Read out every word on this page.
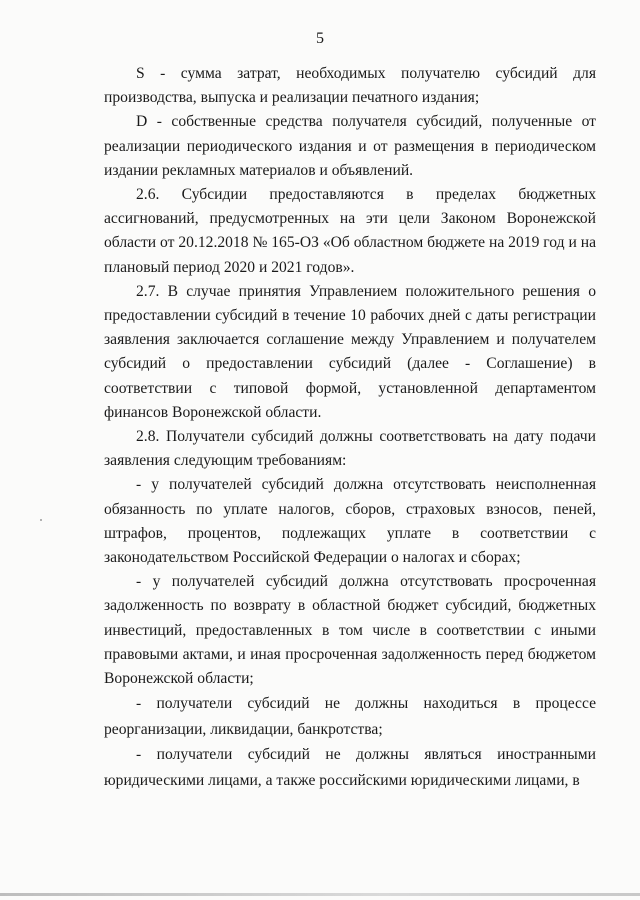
5

S - сумма затрат, необходимых получателю субсидий для производства, выпуска и реализации печатного издания;

D - собственные средства получателя субсидий, полученные от реализации периодического издания и от размещения в периодическом издании рекламных материалов и объявлений.

2.6. Субсидии предоставляются в пределах бюджетных ассигнований, предусмотренных на эти цели Законом Воронежской области от 20.12.2018 № 165-ОЗ «Об областном бюджете на 2019 год и на плановый период 2020 и 2021 годов».

2.7. В случае принятия Управлением положительного решения о предоставлении субсидий в течение 10 рабочих дней с даты регистрации заявления заключается соглашение между Управлением и получателем субсидий о предоставлении субсидий (далее - Соглашение) в соответствии с типовой формой, установленной департаментом финансов Воронежской области.

2.8. Получатели субсидий должны соответствовать на дату подачи заявления следующим требованиям:

- у получателей субсидий должна отсутствовать неисполненная обязанность по уплате налогов, сборов, страховых взносов, пеней, штрафов, процентов, подлежащих уплате в соответствии с законодательством Российской Федерации о налогах и сборах;

- у получателей субсидий должна отсутствовать просроченная задолженность по возврату в областной бюджет субсидий, бюджетных инвестиций, предоставленных в том числе в соответствии с иными правовыми актами, и иная просроченная задолженность перед бюджетом Воронежской области;

- получатели субсидий не должны находиться в процессе реорганизации, ликвидации, банкротства;

- получатели субсидий не должны являться иностранными юридическими лицами, а также российскими юридическими лицами, в
